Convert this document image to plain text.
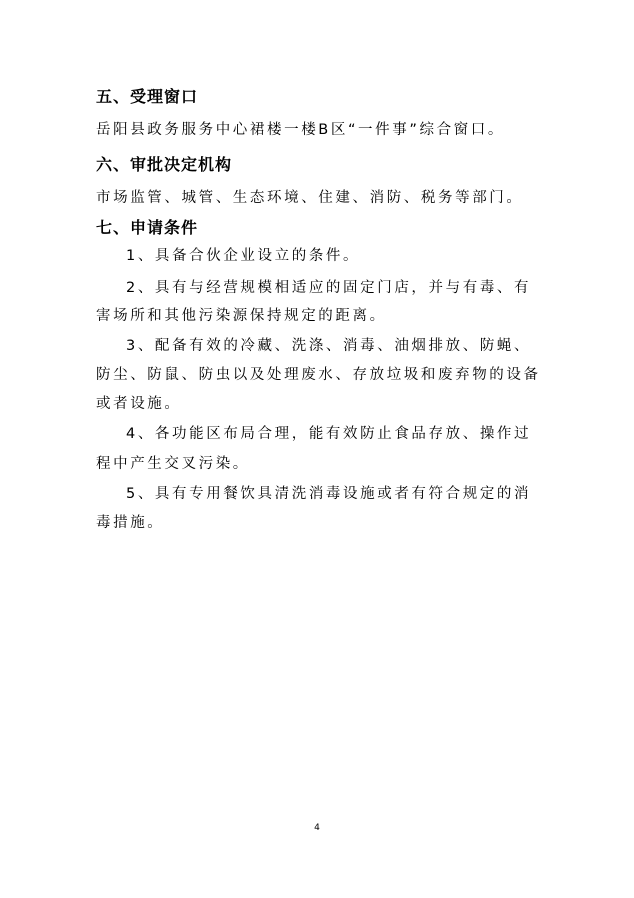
五、受理窗口
岳阳县政务服务中心裙楼一楼B区“一件事”综合窗口。
六、审批决定机构
市场监管、城管、生态环境、住建、消防、税务等部门。
七、申请条件
1、具备合伙企业设立的条件。
2、具有与经营规模相适应的固定门店，并与有毒、有
害场所和其他污染源保持规定的距离。
3、配备有效的冷藏、洗涤、消毒、油烟排放、防蝇、
防尘、防鼠、防虫以及处理废水、存放垃圾和废弃物的设备
或者设施。
4、各功能区布局合理，能有效防止食品存放、操作过
程中产生交叉污染。
5、具有专用餐饮具清洗消毒设施或者有符合规定的消
毒措施。
4
